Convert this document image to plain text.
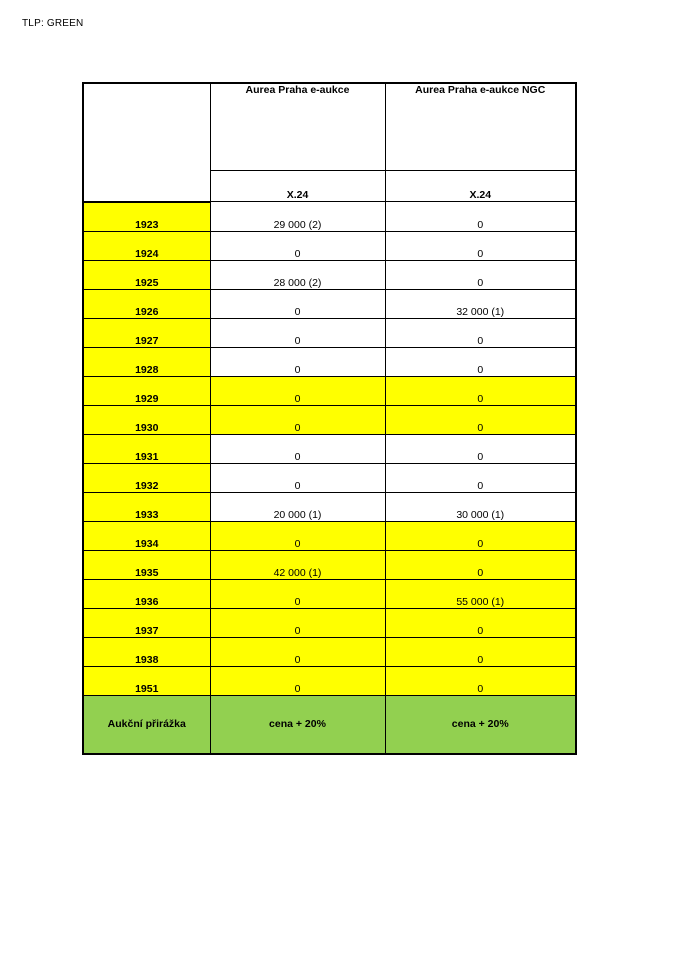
TLP: GREEN
	Aurea Praha e-aukce	Aurea Praha e-aukce NGC
	X.24	X.24
1923	29 000 (2)	0
1924	0	0
1925	28 000 (2)	0
1926	0	32 000 (1)
1927	0	0
1928	0	0
1929	0	0
1930	0	0
1931	0	0
1932	0	0
1933	20 000 (1)	30 000 (1)
1934	0	0
1935	42 000 (1)	0
1936	0	55 000 (1)
1937	0	0
1938	0	0
1951	0	0
Aukční přirážka	cena + 20%	cena + 20%
